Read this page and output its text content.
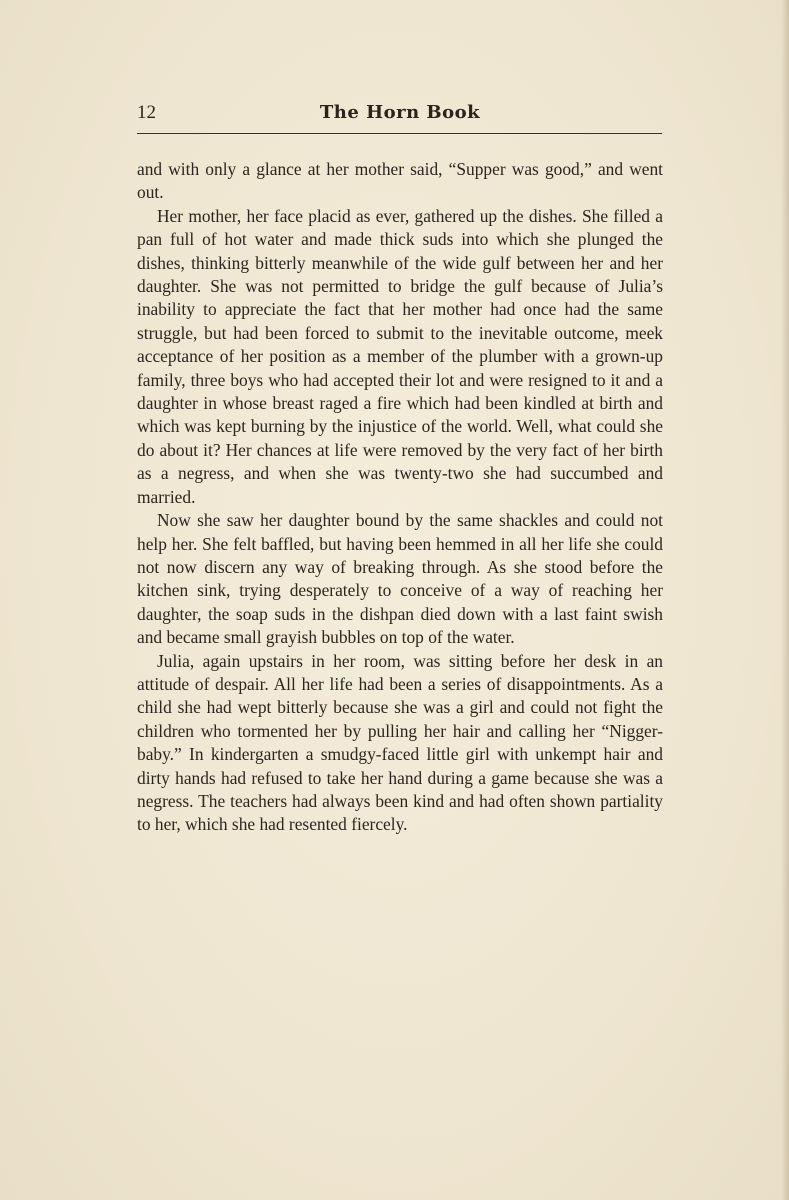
12	The Horn Book

and with only a glance at her mother said, “Supper was good,” and went out.

Her mother, her face placid as ever, gathered up the dishes. She filled a pan full of hot water and made thick suds into which she plunged the dishes, thinking bitterly meanwhile of the wide gulf between her and her daughter. She was not permitted to bridge the gulf because of Julia’s inability to appreciate the fact that her mother had once had the same struggle, but had been forced to submit to the inevitable outcome, meek acceptance of her position as a member of the plumber with a grown-up family, three boys who had accepted their lot and were resigned to it and a daughter in whose breast raged a fire which had been kindled at birth and which was kept burning by the injustice of the world. Well, what could she do about it? Her chances at life were removed by the very fact of her birth as a negress, and when she was twenty-two she had succumbed and married.

Now she saw her daughter bound by the same shackles and could not help her. She felt baffled, but having been hemmed in all her life she could not now discern any way of breaking through. As she stood before the kitchen sink, trying desperately to conceive of a way of reaching her daughter, the soap suds in the dishpan died down with a last faint swish and became small grayish bubbles on top of the water.

Julia, again upstairs in her room, was sitting before her desk in an attitude of despair. All her life had been a series of disappointments. As a child she had wept bitterly because she was a girl and could not fight the children who tormented her by pulling her hair and calling her “Nigger-baby.” In kindergarten a smudgy-faced little girl with unkempt hair and dirty hands had refused to take her hand during a game because she was a negress. The teachers had always been kind and had often shown partiality to her, which she had resented fiercely.
